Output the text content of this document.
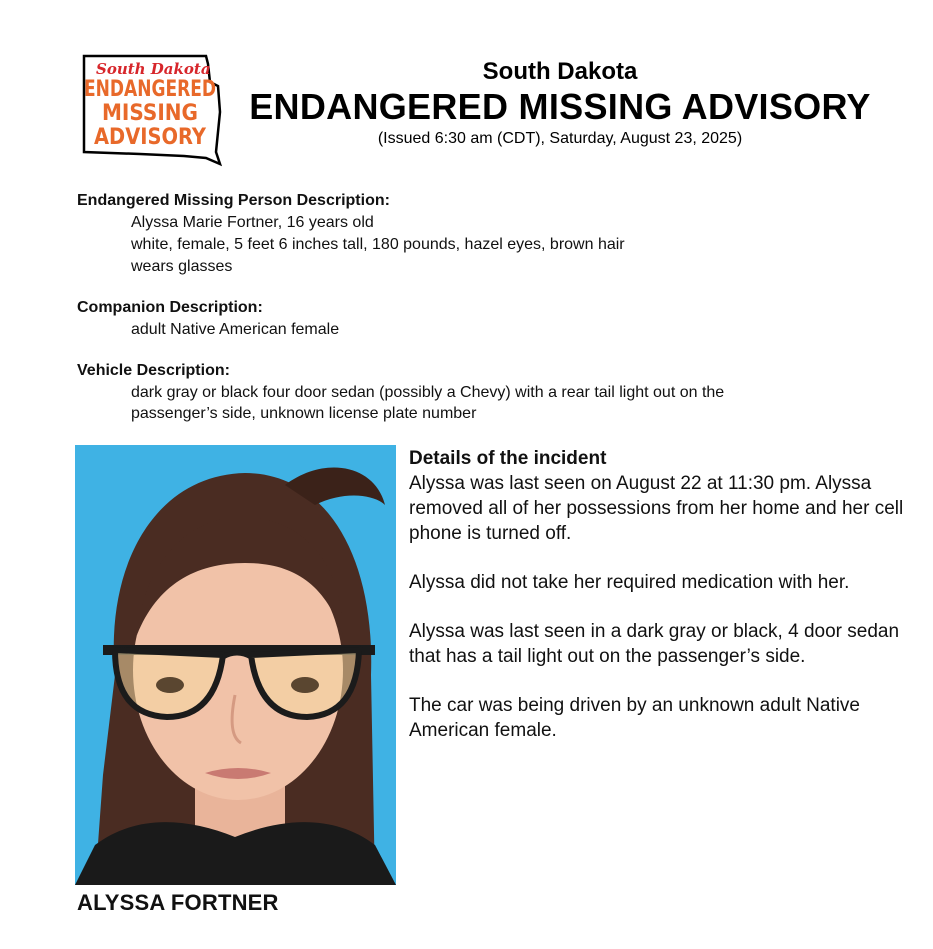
South Dakota
ENDANGERED
MISSING
ADVISORY
South Dakota
ENDANGERED MISSING ADVISORY
(Issued 6:30 am (CDT), Saturday, August 23, 2025)
Endangered Missing Person Description:
Alyssa Marie Fortner, 16 years old
white, female, 5 feet 6 inches tall, 180 pounds, hazel eyes, brown hair
wears glasses
Companion Description:
adult Native American female
Vehicle Description:
dark gray or black four door sedan (possibly a Chevy) with a rear tail light out on the
passenger’s side, unknown license plate number
ALYSSA FORTNER
Details of the incident
Alyssa was last seen on August 22 at 11:30 pm. Alyssa removed all of her possessions from her home and her cell phone is turned off.
Alyssa did not take her required medication with her.
Alyssa was last seen in a dark gray or black, 4 door sedan that has a tail light out on the passenger’s side.
The car was being driven by an unknown adult Native American female.
